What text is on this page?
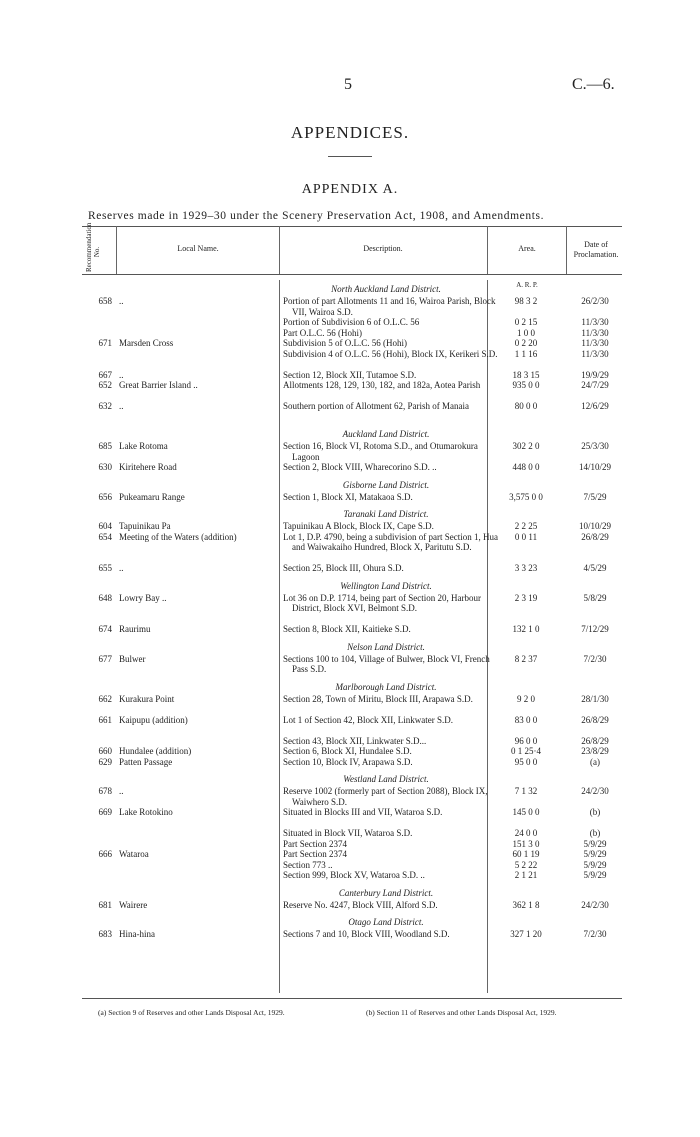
5	C.—6.
APPENDICES.
APPENDIX A.
Reserves made in 1929–30 under the Scenery Preservation Act, 1908, and Amendments.
Recommendation No.	Local Name.	Description.	Area.	Date of Proclamation.
A. R. P.
North Auckland Land District.
658 ..	Portion of part Allotments 11 and 16, Wairoa Parish, Block VII, Wairoa S.D.
98 3 2	26/2/30
Portion of Subdivision 6 of O.L.C. 56	0 2 15	11/3/30
Part O.L.C. 56 (Hohi)	1 0 0	11/3/30
671 Marsden Cross	Subdivision 5 of O.L.C. 56 (Hohi)	0 2 20	11/3/30
Subdivision 4 of O.L.C. 56 (Hohi), Block IX, Kerikeri S.D.	1 1 16	11/3/30
667 ..	Section 12, Block XII, Tutamoe S.D.	18 3 15	19/9/29
652 Great Barrier Island ..	Allotments 128, 129, 130, 182, and 182a, Aotea Parish	935 0 0	24/7/29
632 ..	Southern portion of Allotment 62, Parish of Manaia	80 0 0	12/6/29
Auckland Land District.
685 Lake Rotoma	Section 16, Block VI, Rotoma S.D., and Otumarokura Lagoon
302 2 0	25/3/30
630 Kiritehere Road	Section 2, Block VIII, Wharecorino S.D. ..	448 0 0	14/10/29
Gisborne Land District.
656 Pukeamaru Range	Section 1, Block XI, Matakaoa S.D.	3,575 0 0	7/5/29
Taranaki Land District.
604 Tapuinikau Pa	Tapuinikau A Block, Block IX, Cape S.D.	2 2 25	10/10/29
654 Meeting of the Waters (addition)	Lot 1, D.P. 4790, being a subdivision of part Section 1, Hua and Waiwakaiho Hundred, Block X, Paritutu S.D.
0 0 11	26/8/29
655 ..	Section 25, Block III, Ohura S.D.	3 3 23	4/5/29
Wellington Land District.
648 Lowry Bay ..	Lot 36 on D.P. 1714, being part of Section 20, Harbour District, Block XVI, Belmont S.D.
2 3 19	5/8/29
674 Raurimu	Section 8, Block XII, Kaitieke S.D.	132 1 0	7/12/29
Nelson Land District.
677 Bulwer	Sections 100 to 104, Village of Bulwer, Block VI, French Pass S.D.
8 2 37	7/2/30
Marlborough Land District.
662 Kurakura Point	Section 28, Town of Miritu, Block III, Arapawa S.D.	9 2 0	28/1/30
661 Kaipupu (addition)	Lot 1 of Section 42, Block XII, Linkwater S.D.	83 0 0	26/8/29
Section 43, Block XII, Linkwater S.D...	96 0 0	26/8/29
660 Hundalee (addition)	Section 6, Block XI, Hundalee S.D.	0 1 25·4	23/8/29
629 Patten Passage	Section 10, Block IV, Arapawa S.D.	95 0 0	(a)
Westland Land District.
678 ..	Reserve 1002 (formerly part of Section 2088), Block IX, Waiwhero S.D.
7 1 32	24/2/30
669 Lake Rotokino	Situated in Blocks III and VII, Wataroa S.D.	145 0 0	(b)
Situated in Block VII, Wataroa S.D.	24 0 0	(b)
Part Section 2374	151 3 0	5/9/29
666 Wataroa	Part Section 2374	60 1 19	5/9/29
Section 773 ..	5 2 22	5/9/29
Section 999, Block XV, Wataroa S.D. ..	2 1 21	5/9/29
Canterbury Land District.
681 Wairere	Reserve No. 4247, Block VIII, Alford S.D.	362 1 8	24/2/30
Otago Land District.
683 Hina-hina	Sections 7 and 10, Block VIII, Woodland S.D.	327 1 20	7/2/30
(a) Section 9 of Reserves and other Lands Disposal Act, 1929.	(b) Section 11 of Reserves and other Lands Disposal Act, 1929.
